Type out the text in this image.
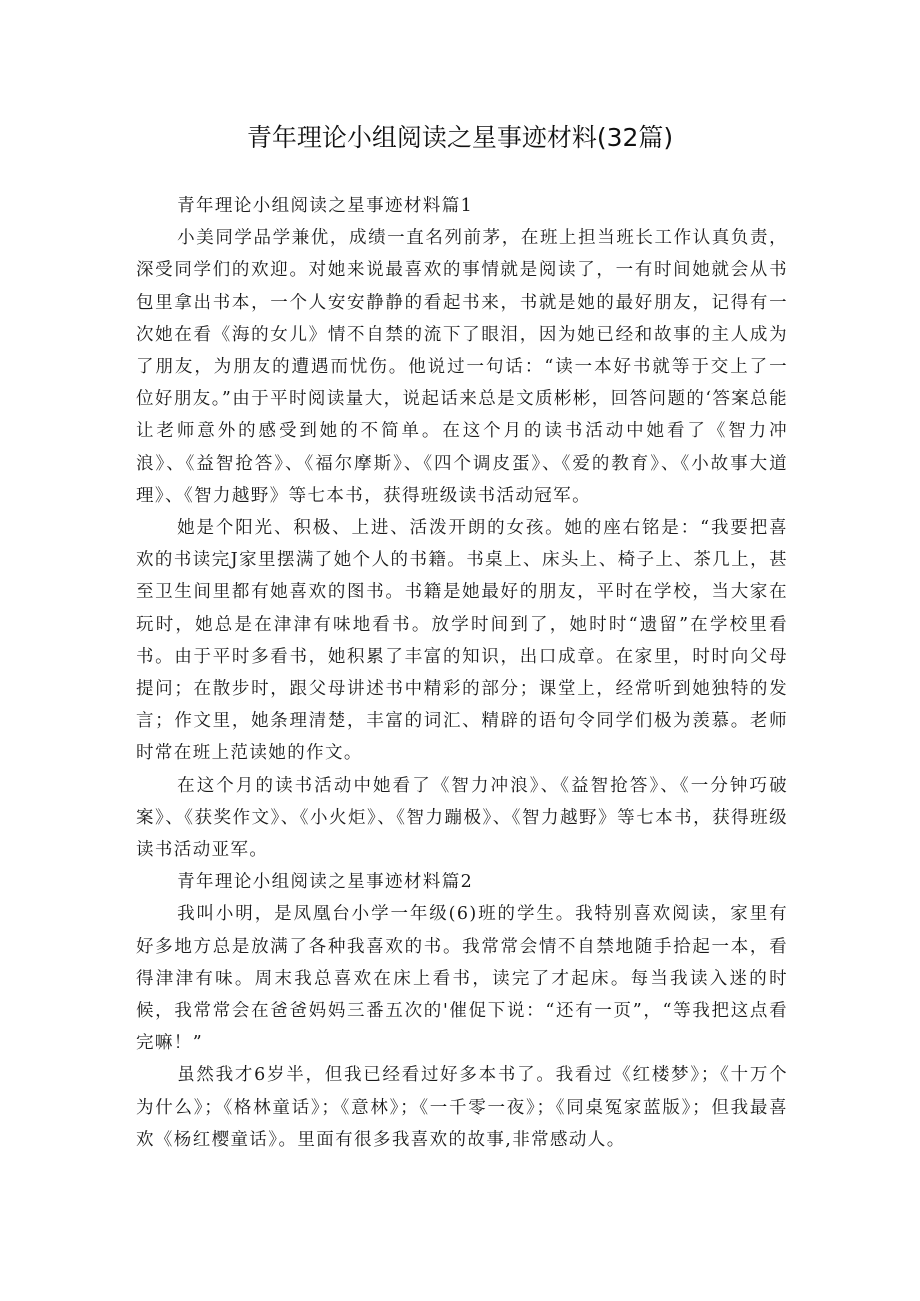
青年理论小组阅读之星事迹材料(32篇)

青年理论小组阅读之星事迹材料篇1

小美同学品学兼优，成绩一直名列前茅，在班上担当班长工作认真负责，深受同学们的欢迎。对她来说最喜欢的事情就是阅读了，一有时间她就会从书包里拿出书本，一个人安安静静的看起书来，书就是她的最好朋友，记得有一次她在看《海的女儿》情不自禁的流下了眼泪，因为她已经和故事的主人成为了朋友，为朋友的遭遇而忧伤。他说过一句话：“读一本好书就等于交上了一位好朋友。”由于平时阅读量大，说起话来总是文质彬彬，回答问题的‘答案总能让老师意外的感受到她的不简单。在这个月的读书活动中她看了《智力冲浪》、《益智抢答》、《福尔摩斯》、《四个调皮蛋》、《爱的教育》、《小故事大道理》、《智力越野》等七本书，获得班级读书活动冠军。

她是个阳光、积极、上进、活泼开朗的女孩。她的座右铭是：“我要把喜欢的书读完J家里摆满了她个人的书籍。书桌上、床头上、椅子上、茶几上，甚至卫生间里都有她喜欢的图书。书籍是她最好的朋友，平时在学校，当大家在玩时，她总是在津津有味地看书。放学时间到了，她时时“遗留”在学校里看书。由于平时多看书，她积累了丰富的知识，出口成章。在家里，时时向父母提问；在散步时，跟父母讲述书中精彩的部分；课堂上，经常听到她独特的发言；作文里，她条理清楚，丰富的词汇、精辟的语句令同学们极为羡慕。老师时常在班上范读她的作文。

在这个月的读书活动中她看了《智力冲浪》、《益智抢答》、《一分钟巧破案》、《获奖作文》、《小火炬》、《智力蹦极》、《智力越野》等七本书，获得班级读书活动亚军。

青年理论小组阅读之星事迹材料篇2

我叫小明，是凤凰台小学一年级(6)班的学生。我特别喜欢阅读，家里有好多地方总是放满了各种我喜欢的书。我常常会情不自禁地随手拾起一本，看得津津有味。周末我总喜欢在床上看书，读完了才起床。每当我读入迷的时候，我常常会在爸爸妈妈三番五次的'催促下说：“还有一页”，“等我把这点看完嘛！”

虽然我才6岁半，但我已经看过好多本书了。我看过《红楼梦》；《十万个为什么》；《格林童话》；《意林》；《一千零一夜》；《同桌冤家蓝版》；但我最喜欢《杨红樱童话》。里面有很多我喜欢的故事,非常感动人。
